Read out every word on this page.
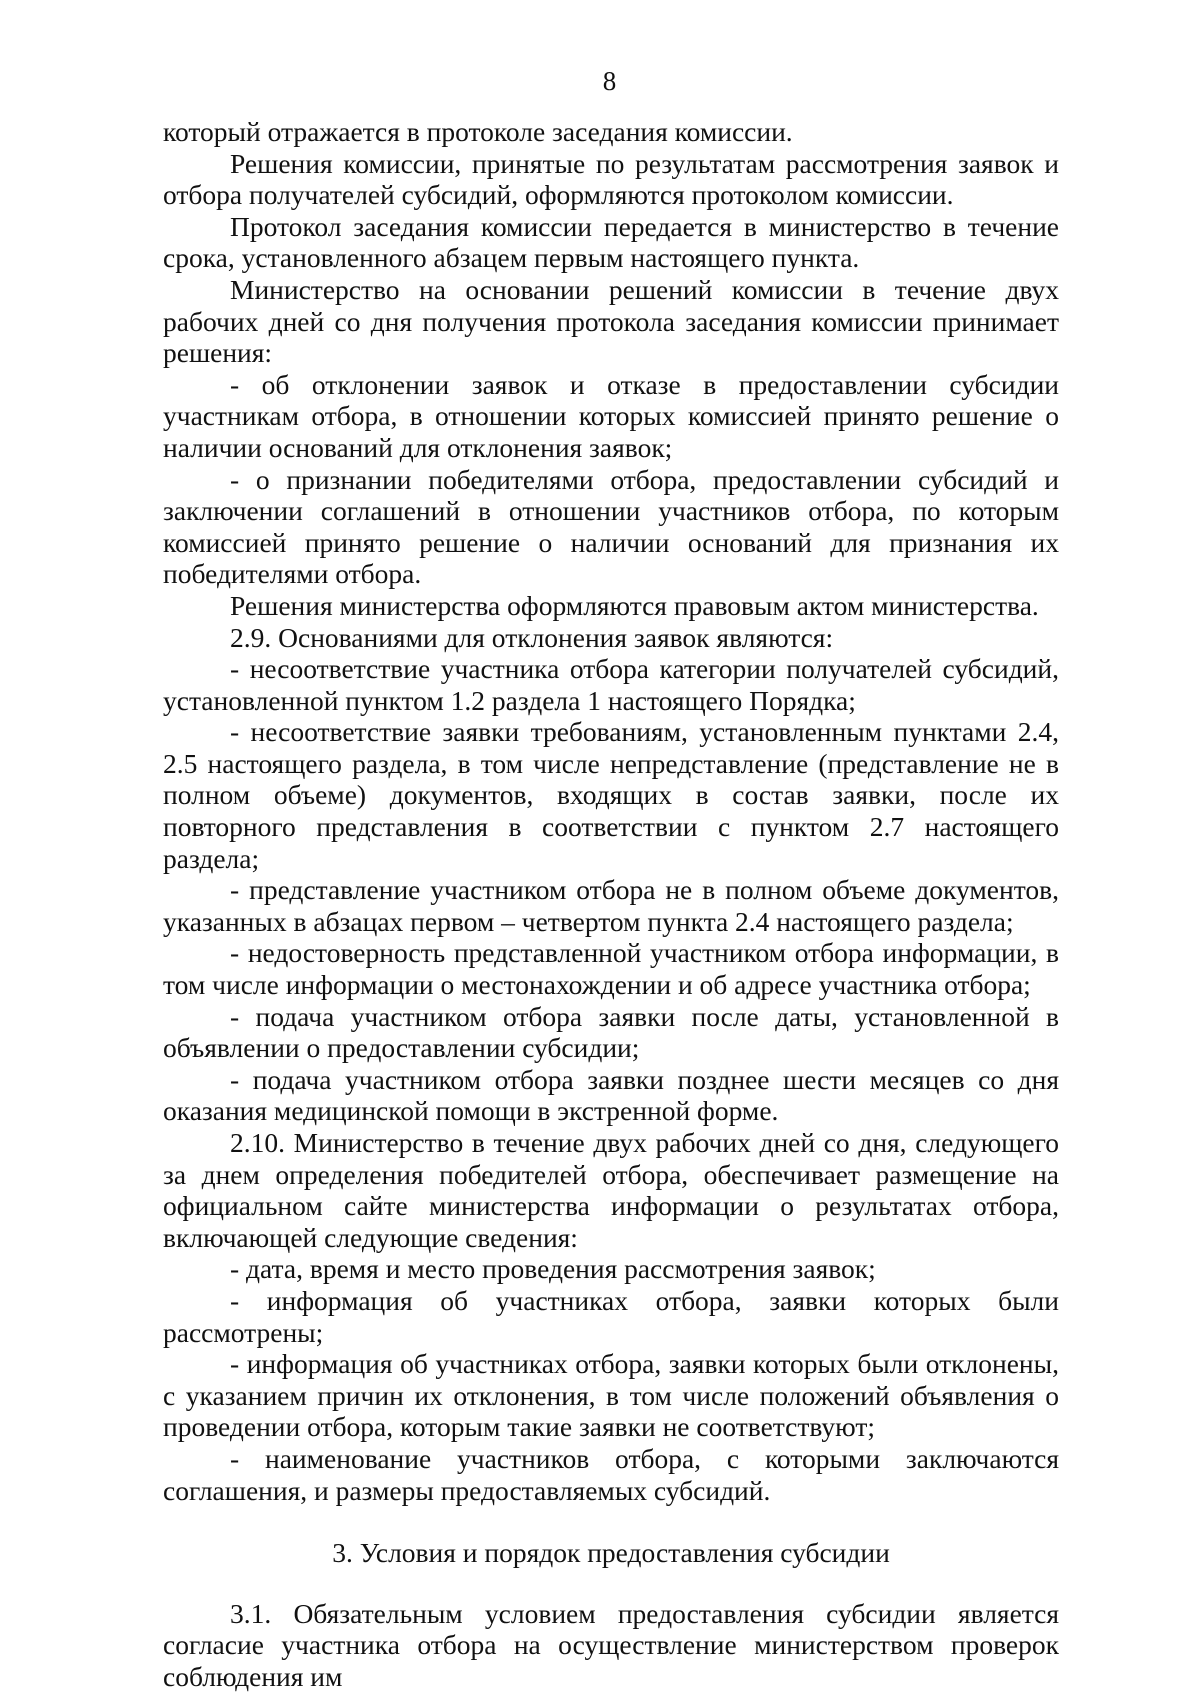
8

который отражается в протоколе заседания комиссии.

Решения комиссии, принятые по результатам рассмотрения заявок и отбора получателей субсидий, оформляются протоколом комиссии.

Протокол заседания комиссии передается в министерство в течение срока, установленного абзацем первым настоящего пункта.

Министерство на основании решений комиссии в течение двух рабочих дней со дня получения протокола заседания комиссии принимает решения:

- об отклонении заявок и отказе в предоставлении субсидии участникам отбора, в отношении которых комиссией принято решение о наличии оснований для отклонения заявок;

- о признании победителями отбора, предоставлении субсидий и заключении соглашений в отношении участников отбора, по которым комиссией принято решение о наличии оснований для признания их победителями отбора.

Решения министерства оформляются правовым актом министерства.

2.9. Основаниями для отклонения заявок являются:

- несоответствие участника отбора категории получателей субсидий, установленной пунктом 1.2 раздела 1 настоящего Порядка;

- несоответствие заявки требованиям, установленным пунктами 2.4, 2.5 настоящего раздела, в том числе непредставление (представление не в полном объеме) документов, входящих в состав заявки, после их повторного представления в соответствии с пунктом 2.7 настоящего раздела;

- представление участником отбора не в полном объеме документов, указанных в абзацах первом – четвертом пункта 2.4 настоящего раздела;

- недостоверность представленной участником отбора информации, в том числе информации о местонахождении и об адресе участника отбора;

- подача участником отбора заявки после даты, установленной в объявлении о предоставлении субсидии;

- подача участником отбора заявки позднее шести месяцев со дня оказания медицинской помощи в экстренной форме.

2.10. Министерство в течение двух рабочих дней со дня, следующего за днем определения победителей отбора, обеспечивает размещение на официальном сайте министерства информации о результатах отбора, включающей следующие сведения:

- дата, время и место проведения рассмотрения заявок;

- информация об участниках отбора, заявки которых были рассмотрены;

- информация об участниках отбора, заявки которых были отклонены, с указанием причин их отклонения, в том числе положений объявления о проведении отбора, которым такие заявки не соответствуют;

- наименование участников отбора, с которыми заключаются соглашения, и размеры предоставляемых субсидий.

3. Условия и порядок предоставления субсидии

3.1. Обязательным условием предоставления субсидии является согласие участника отбора на осуществление министерством проверок соблюдения им
